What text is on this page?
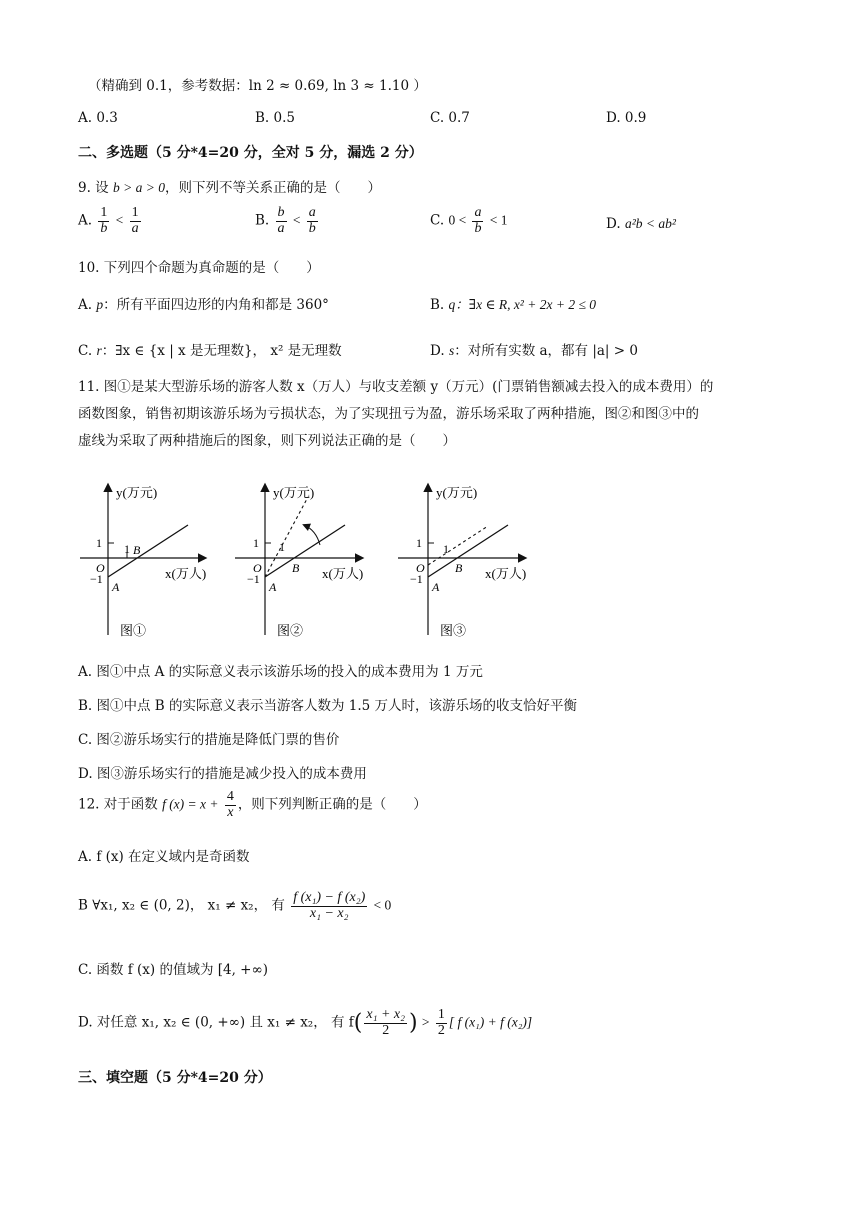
（精确到 0.1，参考数据：ln 2 ≈ 0.69, ln 3 ≈ 1.10 ）
A. 0.3	B. 0.5	C. 0.7	D. 0.9
二、多选题（5 分*4=20 分，全对 5 分，漏选 2 分）
9. 设 b > a > 0，则下列不等关系正确的是（　　）
A. $\frac{1}{b} < \frac{1}{a}$	B. $\frac{b}{a} < \frac{a}{b}$	C. $0 < \frac{a}{b} < 1$	D. a²b < ab²
10. 下列四个命题为真命题的是（　　）
A. p：所有平面四边形的内角和都是 360°	B. q：∃x ∈ R, x² + 2x + 2 ≤ 0
C. r：∃x ∈ {x | x 是无理数}， x² 是无理数	D. s：对所有实数 a，都有 |a| > 0
11. 图①是某大型游乐场的游客人数 x（万人）与收支差额 y（万元）(门票销售额减去投入的成本费用）的
函数图象，销售初期该游乐场为亏损状态，为了实现扭亏为盈，游乐场采取了两种措施，图②和图③中的
虚线为采取了两种措施后的图象，则下列说法正确的是（　　）
y(万元)
x(万人)
O
1 1
−1
A
B
图①
y(万元)
x(万人)
O
1 1
−1
A
B
图②
y(万元)
x(万人)
O
1 1
−1
A
B
图③
A. 图①中点 A 的实际意义表示该游乐场的投入的成本费用为 1 万元
B. 图①中点 B 的实际意义表示当游客人数为 1.5 万人时，该游乐场的收支恰好平衡
C. 图②游乐场实行的措施是降低门票的售价
D. 图③游乐场实行的措施是减少投入的成本费用
12. 对于函数 f $(x) = x + \frac{4}{x}$ ，则下列判断正确的是（　　）
A. f (x) 在定义域内是奇函数
B ∀x₁, x₂ ∈ (0, 2)， x₁ ≠ x₂， 有 $\frac{\text{f (x₁) − f (x₂)}}{\text{x₁ − x₂}} < 0$
C. 函数 f (x) 的值域为 [4, +∞)
D. 对任意 x₁, x₂ ∈ (0, +∞) 且 x₁ ≠ x₂， 有 $f( \frac{\text{x₁ + x₂}}{2}$ ) > $\frac{1}{2}$ [ f (x₁) + f (x₂)]
三、填空题（5 分*4=20 分）
